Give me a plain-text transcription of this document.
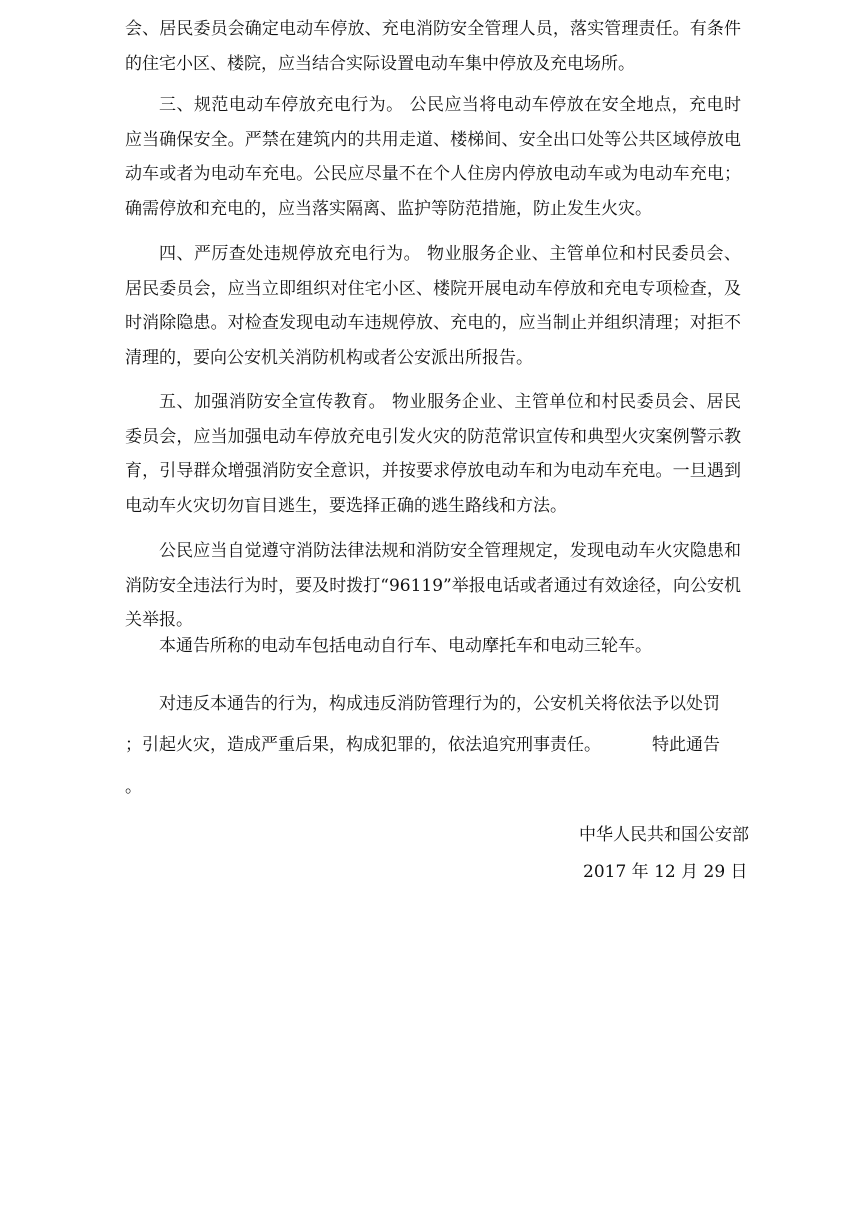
会、居民委员会确定电动车停放、充电消防安全管理人员，落实管理责任。有条件的住宅小区、楼院，应当结合实际设置电动车集中停放及充电场所。

三、规范电动车停放充电行为。 公民应当将电动车停放在安全地点，充电时应当确保安全。严禁在建筑内的共用走道、楼梯间、安全出口处等公共区域停放电动车或者为电动车充电。公民应尽量不在个人住房内停放电动车或为电动车充电；确需停放和充电的，应当落实隔离、监护等防范措施，防止发生火灾。

四、严厉查处违规停放充电行为。 物业服务企业、主管单位和村民委员会、居民委员会，应当立即组织对住宅小区、楼院开展电动车停放和充电专项检查，及时消除隐患。对检查发现电动车违规停放、充电的，应当制止并组织清理；对拒不清理的，要向公安机关消防机构或者公安派出所报告。

五、加强消防安全宣传教育。 物业服务企业、主管单位和村民委员会、居民委员会，应当加强电动车停放充电引发火灾的防范常识宣传和典型火灾案例警示教育，引导群众增强消防安全意识，并按要求停放电动车和为电动车充电。一旦遇到电动车火灾切勿盲目逃生，要选择正确的逃生路线和方法。

公民应当自觉遵守消防法律法规和消防安全管理规定，发现电动车火灾隐患和消防安全违法行为时，要及时拨打“96119”举报电话或者通过有效途径，向公安机关举报。

本通告所称的电动车包括电动自行车、电动摩托车和电动三轮车。

对违反本通告的行为，构成违反消防管理行为的，公安机关将依法予以处罚
；引起火灾，造成严重后果，构成犯罪的，依法追究刑事责任。	特此通告
。
中华人民共和国公安部
2017 年 12 月 29 日
